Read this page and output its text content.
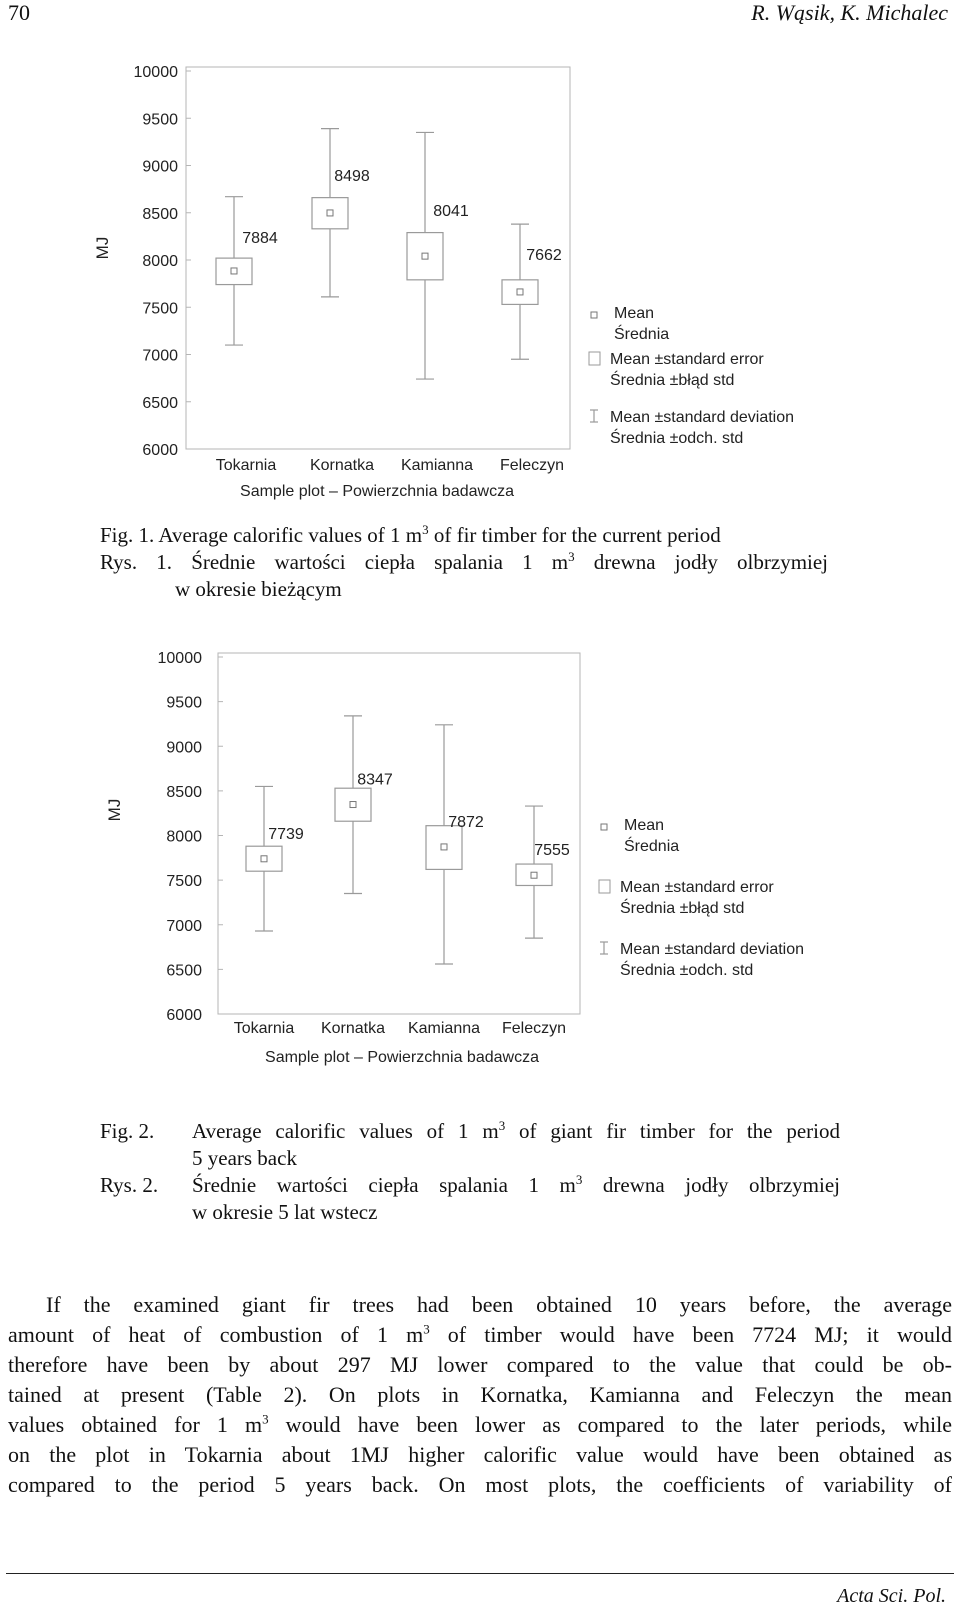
70	R. Wąsik, K. Michalec
10000
9500
9000
8500
8000
7500
7000
6500
6000
MJ	7884
Tokarnia
8498
Kornatka
8041
Kamianna
7662
Feleczyn
Sample plot – Powierzchnia badawcza
Mean
Średnia
Mean ±standard error
Średnia ±błąd std
Mean ±standard deviation
Średnia ±odch. std
Fig. 1. Average calorific values of 1 $m^3$ of fir timber for the current period
Rys. 1. Średnie wartości ciepła spalania 1 $m^3$ drewna jodły olbrzymiej
w okresie bieżącym
10000
9500
9000
8500
8000
7500
7000
6500
6000
MJ
7739
Tokarnia
8347
Kornatka
7872
Kamianna
7555
Feleczyn
Sample plot – Powierzchnia badawcza
Mean
Średnia
Mean ±standard error
Średnia ±błąd std
Mean ±standard deviation
Średnia ±odch. std
Fig. 2.	Average calorific values of 1 $m^3$ of giant fir timber for the period
5 years back
Rys. 2.	Średnie wartości ciepła spalania 1 $m^3$ drewna jodły olbrzymiej
w okresie 5 lat wstecz
If the examined giant fir trees had been obtained 10 years before, the average
amount of heat of combustion of 1 $m^3$ of timber would have been 7724 MJ; it would
therefore have been by about 297 MJ lower compared to the value that could be ob-
tained at present (Table 2). On plots in Kornatka, Kamianna and Feleczyn the mean
values obtained for 1 $m^3$ would have been lower as compared to the later periods, while
on the plot in Tokarnia about 1MJ higher calorific value would have been obtained as
compared to the period 5 years back. On most plots, the coefficients of variability of
Acta Sci. Pol.
